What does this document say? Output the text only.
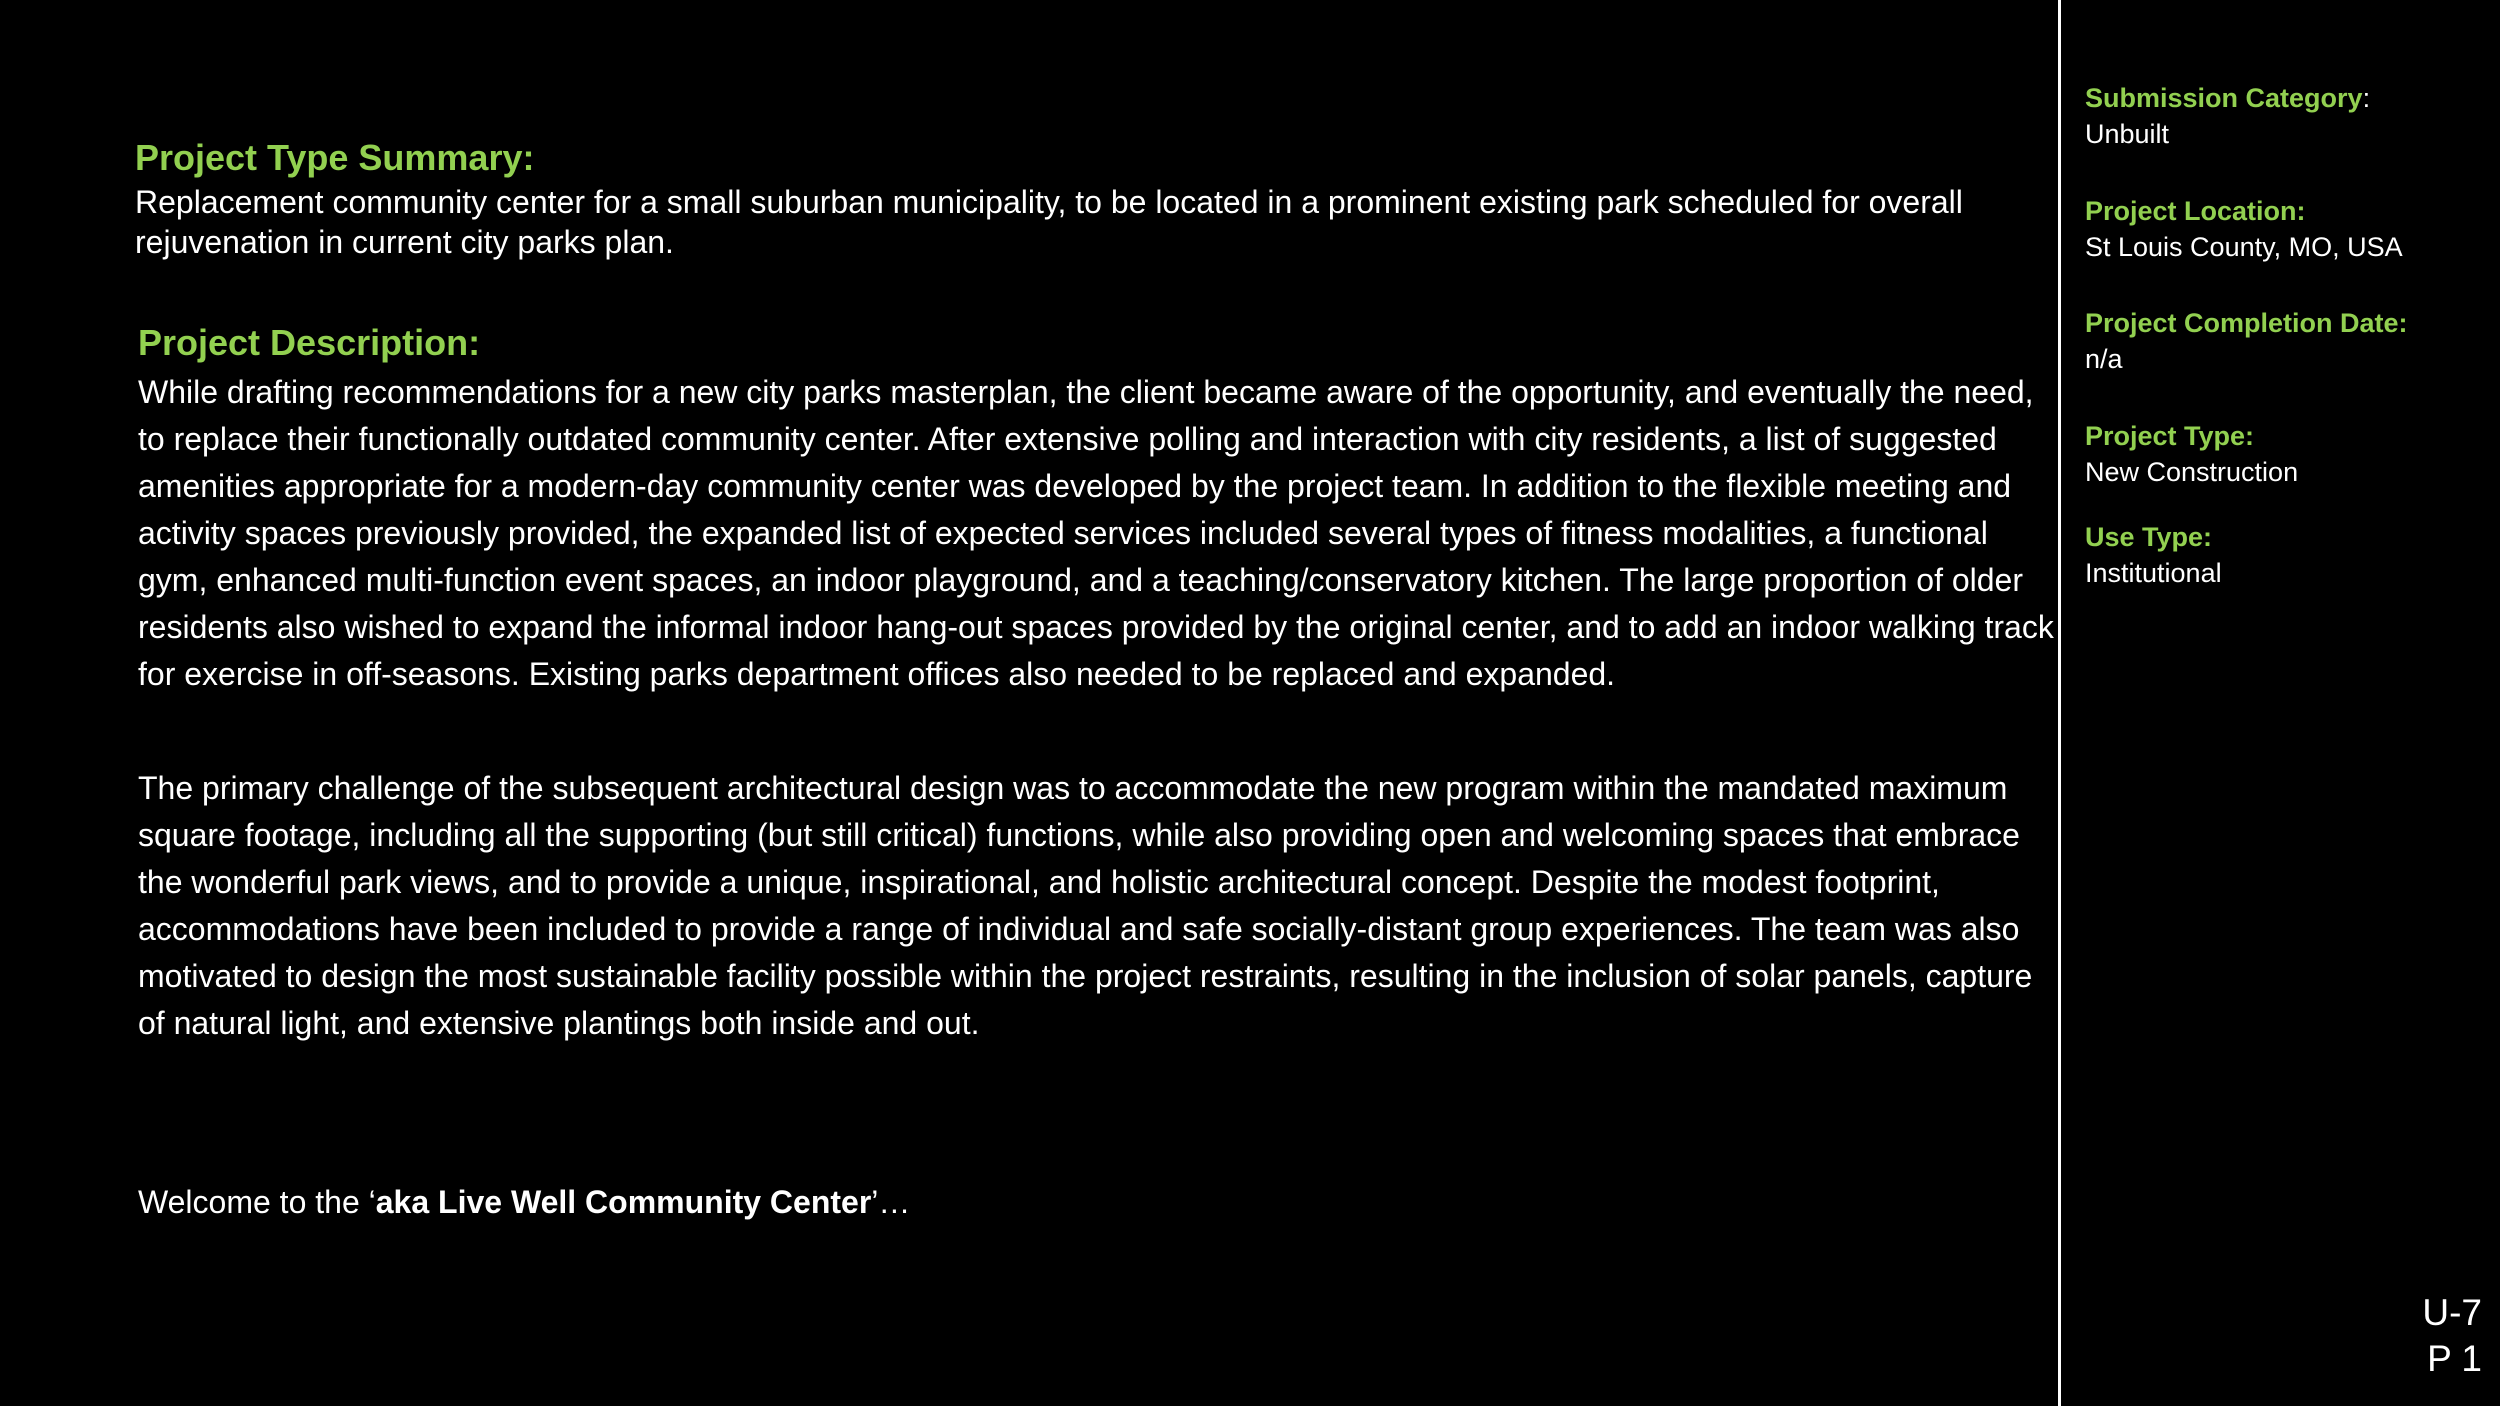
Project Type Summary:

Replacement community center for a small suburban municipality, to be located in a prominent existing park scheduled for overall rejuvenation in current city parks plan.

Project Description:

While drafting recommendations for a new city parks masterplan, the client became aware of the opportunity, and eventually the need, to replace their functionally outdated community center. After extensive polling and interaction with city residents, a list of suggested amenities appropriate for a modern-day community center was developed by the project team. In addition to the flexible meeting and activity spaces previously provided, the expanded list of expected services included several types of fitness modalities, a functional gym, enhanced multi-function event spaces, an indoor playground, and a teaching/conservatory kitchen. The large proportion of older residents also wished to expand the informal indoor hang-out spaces provided by the original center, and to add an indoor walking track for exercise in off-seasons. Existing parks department offices also needed to be replaced and expanded.

The primary challenge of the subsequent architectural design was to accommodate the new program within the mandated maximum square footage, including all the supporting (but still critical) functions, while also providing open and welcoming spaces that embrace the wonderful park views, and to provide a unique, inspirational, and holistic architectural concept. Despite the modest footprint, accommodations have been included to provide a range of individual and safe socially-distant group experiences. The team was also motivated to design the most sustainable facility possible within the project restraints, resulting in the inclusion of solar panels, capture of natural light, and extensive plantings both inside and out.

Welcome to the ‘aka Live Well Community Center’…

Submission Category:
Unbuilt
Project Location:
St Louis County, MO, USA
Project Completion Date:
n/a
Project Type:
New Construction
Use Type:
Institutional
U-7
P 1
